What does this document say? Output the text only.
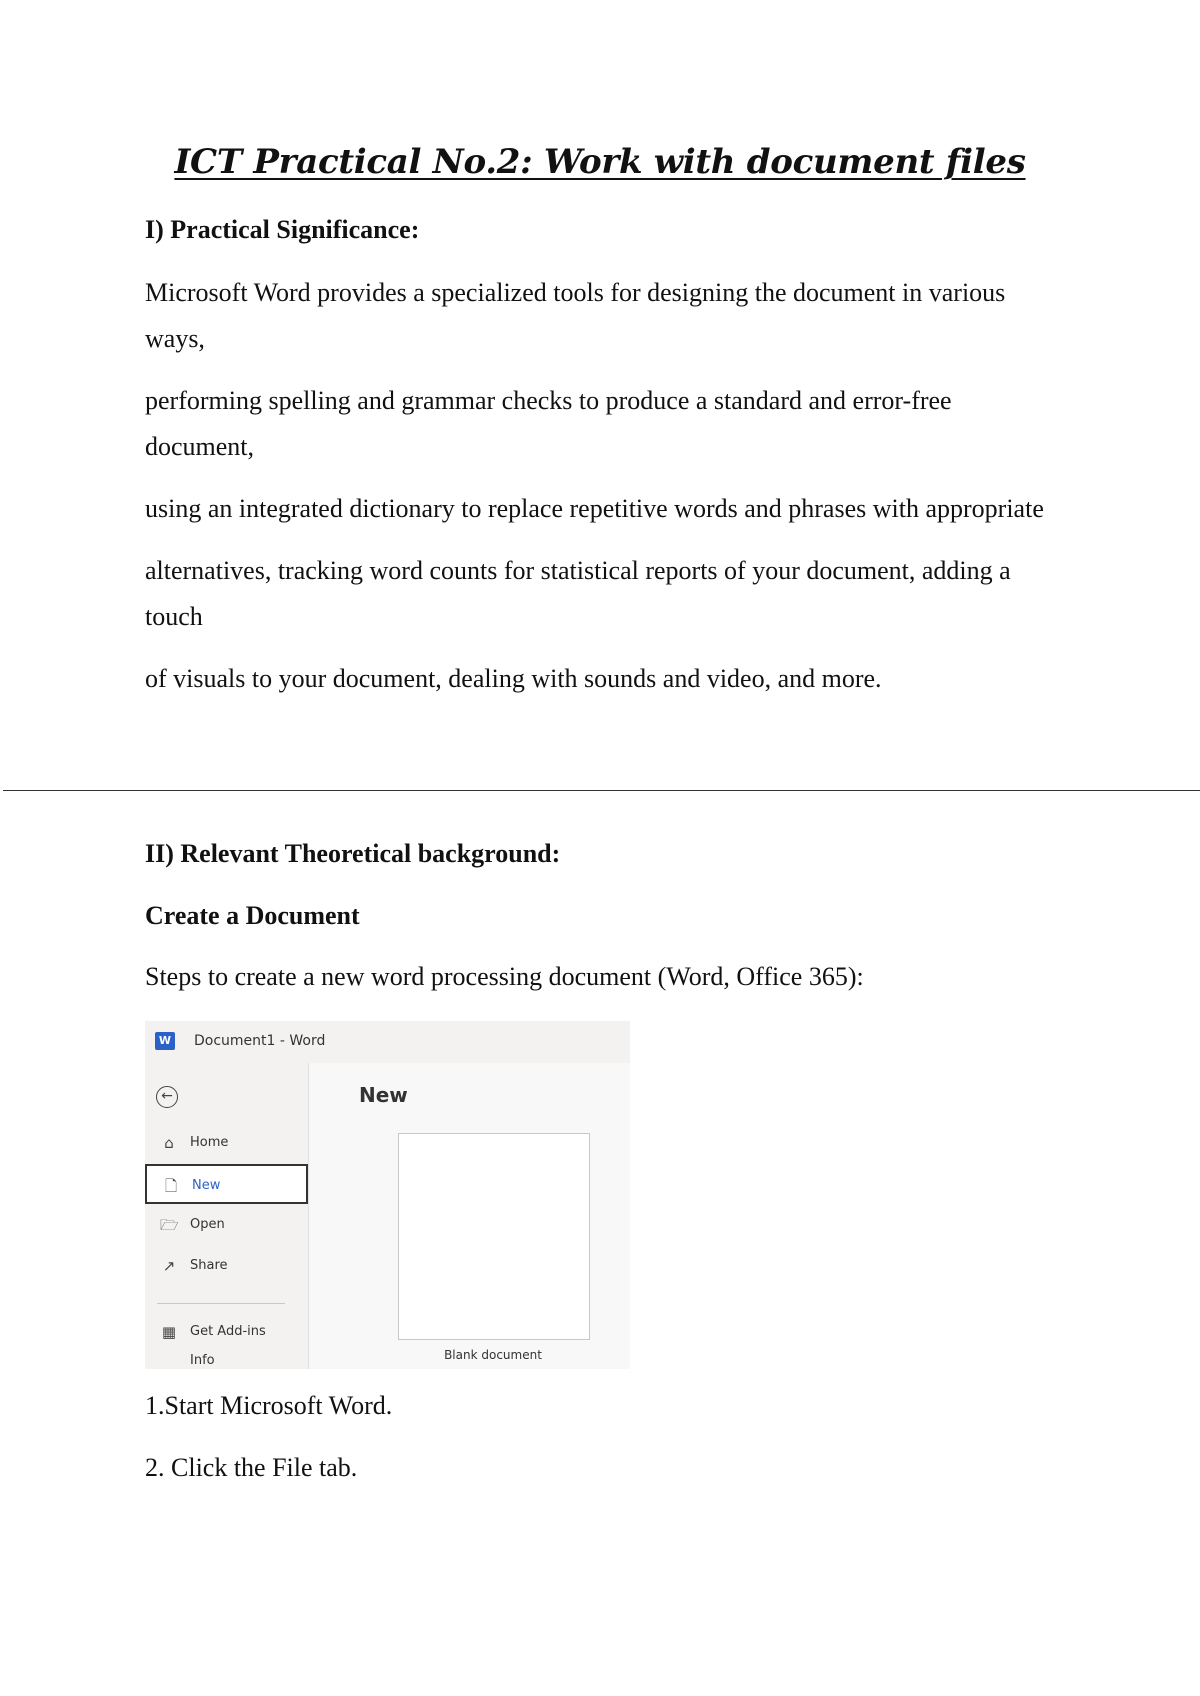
ICT Practical No.2: Work with document files

I) Practical Significance:

Microsoft Word provides a specialized tools for designing the document in various ways,

performing spelling and grammar checks to produce a standard and error-free document,

using an integrated dictionary to replace repetitive words and phrases with appropriate

alternatives, tracking word counts for statistical reports of your document, adding a touch

of visuals to your document, dealing with sounds and video, and more.

II) Relevant Theoretical background:

Create a Document

Steps to create a new word processing document (Word, Office 365):

W Document1 - Word
←
⌂	Home
🗋 New
🗁 Open
↗ Share
▦ Get Add-ins
Info
New
Blank document

1.Start Microsoft Word.

2. Click the File tab.
